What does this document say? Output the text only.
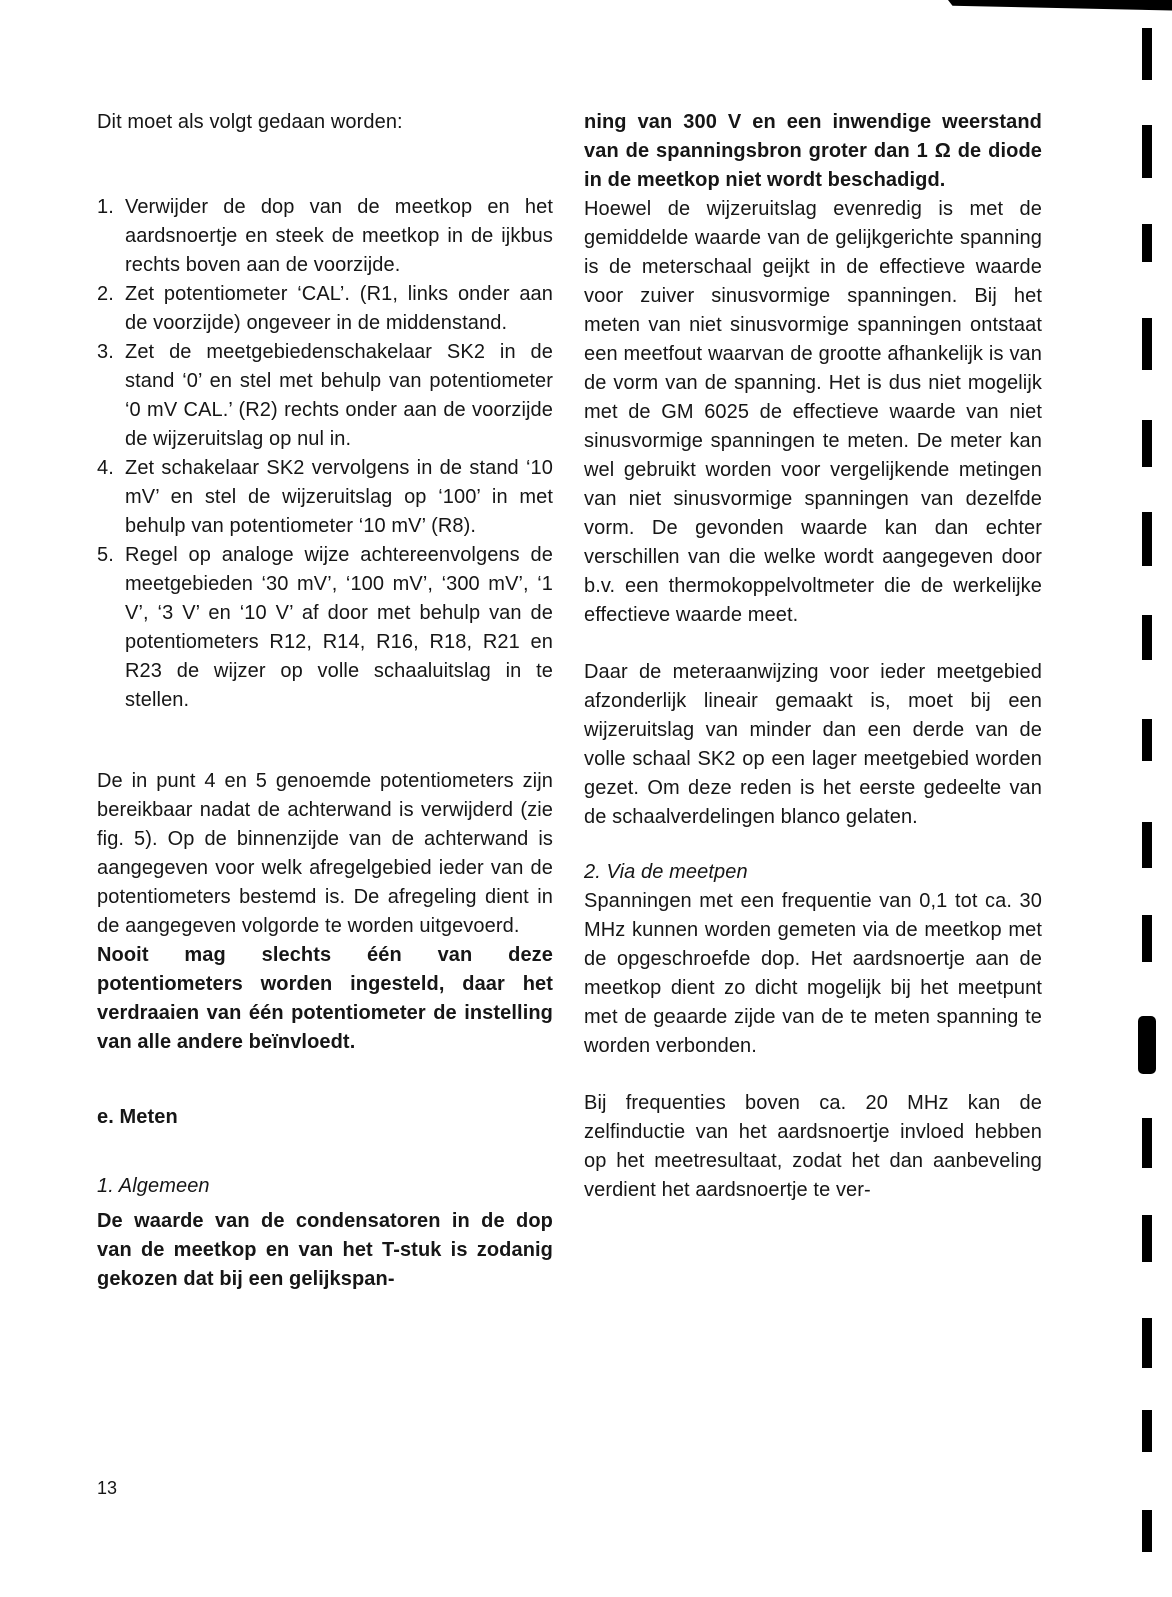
Dit moet als volgt gedaan worden:

1. Verwijder de dop van de meetkop en het aardsnoertje en steek de meetkop in de ijkbus rechts boven aan de voorzijde.
2. Zet potentiometer ‘CAL’. (R1, links onder aan de voorzijde) ongeveer in de middenstand.
3. Zet de meetgebiedenschakelaar SK2 in de stand ‘0’ en stel met behulp van potentiometer ‘0 mV CAL.’ (R2) rechts onder aan de voorzijde de wijzeruitslag op nul in.
4. Zet schakelaar SK2 vervolgens in de stand ‘10 mV’ en stel de wijzeruitslag op ‘100’ in met behulp van potentiometer ‘10 mV’ (R8).
5. Regel op analoge wijze achtereenvolgens de meetgebieden ‘30 mV’, ‘100 mV’, ‘300 mV’, ‘1 V’, ‘3 V’ en ‘10 V’ af door met behulp van de potentiometers R12, R14, R16, R18, R21 en R23 de wijzer op volle schaaluitslag in te stellen.

De in punt 4 en 5 genoemde potentiometers zijn bereikbaar nadat de achterwand is verwijderd (zie fig. 5). Op de binnenzijde van de achterwand is aangegeven voor welk afregelgebied ieder van de potentiometers bestemd is. De afregeling dient in de aangegeven volgorde te worden uitgevoerd.

Nooit mag slechts één van deze potentiometers worden ingesteld, daar het verdraaien van één potentiometer de instelling van alle andere beïnvloedt.

e. Meten

1. Algemeen

De waarde van de condensatoren in de dop van de meetkop en van het T-stuk is zodanig gekozen dat bij een gelijkspan-

ning van 300 V en een inwendige weerstand van de spanningsbron groter dan 1 Ω de diode in de meetkop niet wordt beschadigd.

Hoewel de wijzeruitslag evenredig is met de gemiddelde waarde van de gelijkgerichte spanning is de meterschaal geijkt in de effectieve waarde voor zuiver sinusvormige spanningen. Bij het meten van niet sinusvormige spanningen ontstaat een meetfout waarvan de grootte afhankelijk is van de vorm van de spanning. Het is dus niet mogelijk met de GM 6025 de effectieve waarde van niet sinusvormige spanningen te meten. De meter kan wel gebruikt worden voor vergelijkende metingen van niet sinusvormige spanningen van dezelfde vorm. De gevonden waarde kan dan echter verschillen van die welke wordt aangegeven door b.v. een thermokoppelvoltmeter die de werkelijke effectieve waarde meet.

Daar de meteraanwijzing voor ieder meetgebied afzonderlijk lineair gemaakt is, moet bij een wijzeruitslag van minder dan een derde van de volle schaal SK2 op een lager meetgebied worden gezet. Om deze reden is het eerste gedeelte van de schaalverdelingen blanco gelaten.

2. Via de meetpen

Spanningen met een frequentie van 0,1 tot ca. 30 MHz kunnen worden gemeten via de meetkop met de opgeschroefde dop. Het aardsnoertje aan de meetkop dient zo dicht mogelijk bij het meetpunt met de geaarde zijde van de te meten spanning te worden verbonden.

Bij frequenties boven ca. 20 MHz kan de zelfinductie van het aardsnoertje invloed hebben op het meetresultaat, zodat het dan aanbeveling verdient het aardsnoertje te ver-

13
